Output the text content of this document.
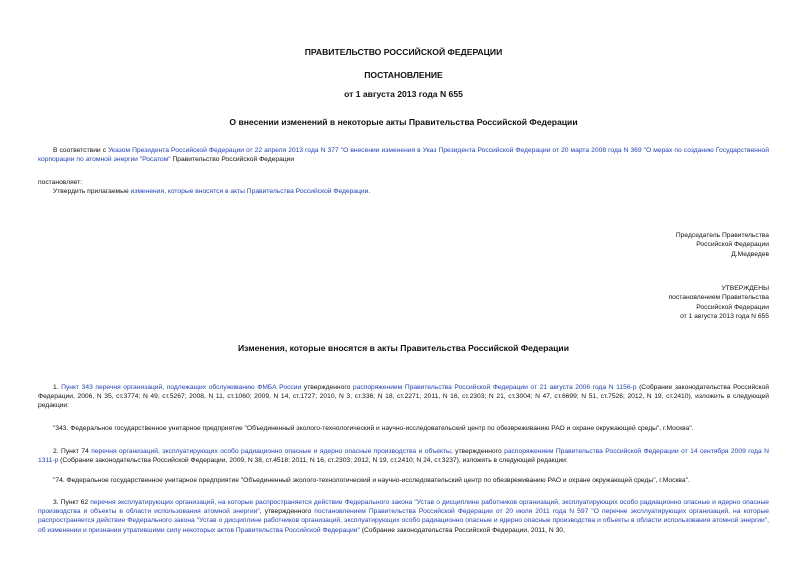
ПРАВИТЕЛЬСТВО РОССИЙСКОЙ ФЕДЕРАЦИИ
ПОСТАНОВЛЕНИЕ
от 1 августа 2013 года N 655
О внесении изменений в некоторые акты Правительства Российской Федерации
В соответствии с Указом Президента Российской Федерации от 22 апреля 2013 года N 377 "О внесении изменения в Указ Президента Российской Федерации от 20 марта 2008 года N 369 "О мерах по созданию Государственной корпорации по атомной энергии "Росатом" Правительство Российской Федерации
постановляет:
Утвердить прилагаемые изменения, которые вносятся в акты Правительства Российской Федерации.
Председатель Правительства
Российской Федерации
Д.Медведев
УТВЕРЖДЕНЫ
постановлением Правительства
Российской Федерации
от 1 августа 2013 года N 655
Изменения, которые вносятся в акты Правительства Российской Федерации
1. Пункт 343 перечня организаций, подлежащих обслуживанию ФМБА России утвержденного распоряжением Правительства Российской Федерации от 21 августа 2006 года N 1156-р (Собрание законодательства Российской Федерации, 2006, N 35, ст.3774; N 49, ст.5267; 2008, N 11, ст.1060; 2009, N 14, ст.1727; 2010, N 3, ст.336; N 18, ст.2271; 2011, N 16, ст.2303; N 21, ст.3004; N 47, ст.6699; N 51, ст.7526; 2012, N 19, ст.2410), изложить в следующей редакции:
"343. Федеральное государственное унитарное предприятие "Объединенный эколого-технологический и научно-исследовательский центр по обезвреживанию РАО и охране окружающей среды", г.Москва".
2. Пункт 74 перечня организаций, эксплуатирующих особо радиационно опасные и ядерно опасные производства и объекты, утвержденного распоряжением Правительства Российской Федерации от 14 сентября 2009 года N 1311-р (Собрание законодательства Российской Федерации, 2009, N 38, ст.4518; 2011, N 16, ст.2303; 2012, N 19, ст.2410; N 24, ст.3237), изложить в следующей редакции:
"74. Федеральное государственное унитарное предприятие "Объединенный эколого-технологический и научно-исследовательский центр по обезвреживанию РАО и охране окружающей среды", г.Москва".
3. Пункт 62 перечня эксплуатирующих организаций, на которые распространяется действие Федерального закона "Устав о дисциплине работников организаций, эксплуатирующих особо радиационно опасные и ядерно опасные производства и объекты в области использования атомной энергии", утвержденного постановлением Правительства Российской Федерации от 20 июля 2011 года N 597 "О перечне эксплуатирующих организаций, на которые распространяется действие Федерального закона "Устав о дисциплине работников организаций, эксплуатирующих особо радиационно опасные и ядерно опасные производства и объекты в области использования атомной энергии", об изменении и признании утратившими силу некоторых актов Правительства Российской Федерации" (Собрание законодательства Российской Федерации, 2011, N 30,
